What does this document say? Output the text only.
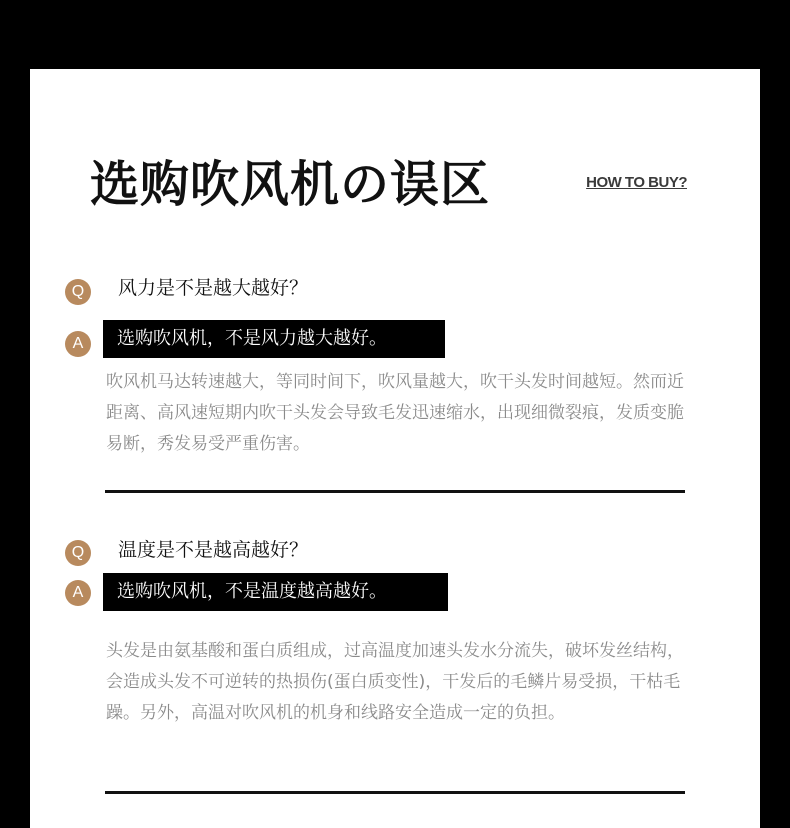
选购吹风机の误区	HOW TO BUY?
Q	风力是不是越大越好？
A	选购吹风机，不是风力越大越好。
吹风机马达转速越大，等同时间下，吹风量越大，吹干头发时间越短。然而近距离、高风速短期内吹干头发会导致毛发迅速缩水，出现细微裂痕，发质变脆易断，秀发易受严重伤害。
Q	温度是不是越高越好？
A	选购吹风机，不是温度越高越好。
头发是由氨基酸和蛋白质组成，过高温度加速头发水分流失，破坏发丝结构，会造成头发不可逆转的热损伤(蛋白质变性)，干发后的毛鳞片易受损，干枯毛躁。另外，高温对吹风机的机身和线路安全造成一定的负担。
